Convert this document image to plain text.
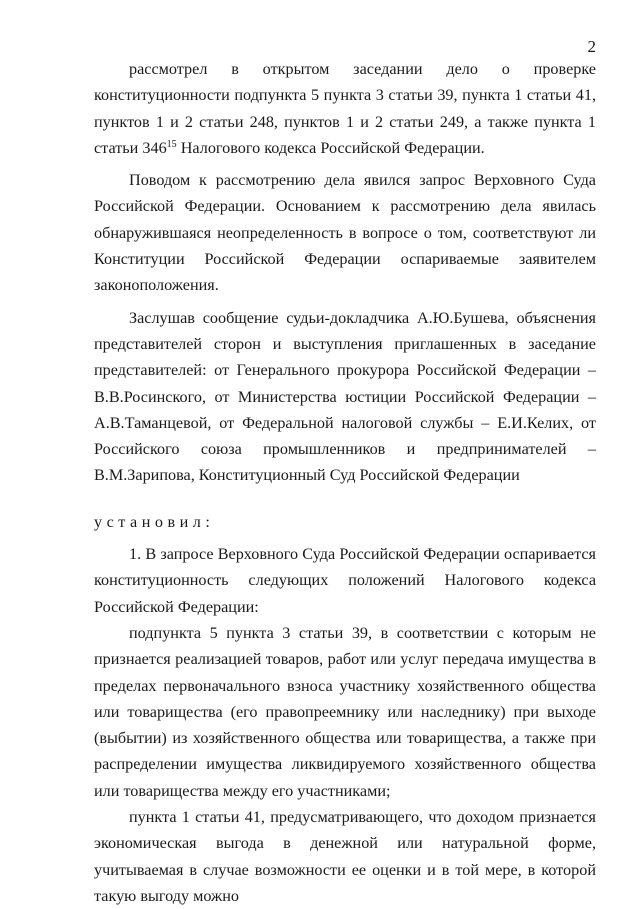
2

рассмотрел в открытом заседании дело о проверке конституционности подпункта 5 пункта 3 статьи 39, пункта 1 статьи 41, пунктов 1 и 2 статьи 248, пунктов 1 и 2 статьи 249, а также пункта 1 статьи $346^{15}$ Налогового кодекса Российской Федерации.

Поводом к рассмотрению дела явился запрос Верховного Суда Российской Федерации. Основанием к рассмотрению дела явилась обнаружившаяся неопределенность в вопросе о том, соответствуют ли Конституции Российской Федерации оспариваемые заявителем законоположения.

Заслушав сообщение судьи-докладчика А.Ю.Бушева, объяснения представителей сторон и выступления приглашенных в заседание представителей: от Генерального прокурора Российской Федерации – В.В.Росинского, от Министерства юстиции Российской Федерации – А.В.Таманцевой, от Федеральной налоговой службы – Е.И.Келих, от Российского союза промышленников и предпринимателей – В.М.Зарипова, Конституционный Суд Российской Федерации

установил:

1. В запросе Верховного Суда Российской Федерации оспаривается конституционность следующих положений Налогового кодекса Российской Федерации:

подпункта 5 пункта 3 статьи 39, в соответствии с которым не признается реализацией товаров, работ или услуг передача имущества в пределах первоначального взноса участнику хозяйственного общества или товарищества (его правопреемнику или наследнику) при выходе (выбытии) из хозяйственного общества или товарищества, а также при распределении имущества ликвидируемого хозяйственного общества или товарищества между его участниками;

пункта 1 статьи 41, предусматривающего, что доходом признается экономическая выгода в денежной или натуральной форме, учитываемая в случае возможности ее оценки и в той мере, в которой такую выгоду можно
